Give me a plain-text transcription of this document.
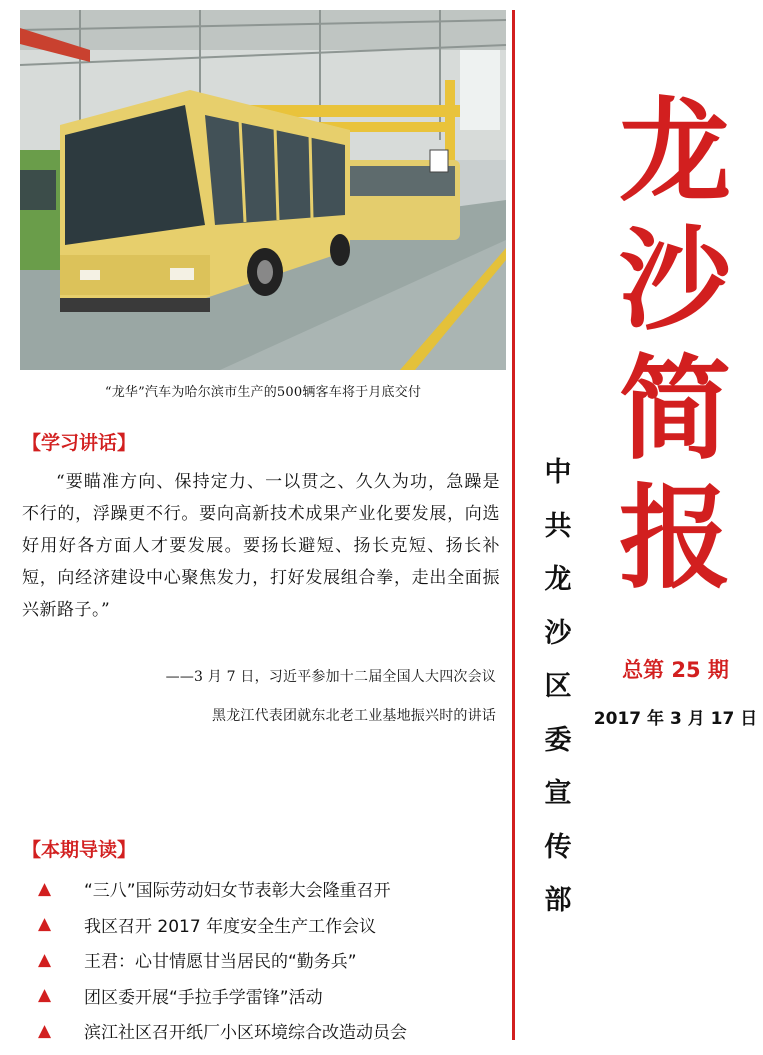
“龙华”汽车为哈尔滨市生产的500辆客车将于月底交付
【学习讲话】
“要瞄准方向、保持定力、一以贯之、久久为功，急躁是不行的，浮躁更不行。要向高新技术成果产业化要发展，向选好用好各方面人才要发展。要扬长避短、扬长克短、扬长补短，向经济建设中心聚焦发力，打好发展组合拳，走出全面振兴新路子。”
——3 月 7 日，习近平参加十二届全国人大四次会议
黑龙江代表团就东北老工业基地振兴时的讲话
【本期导读】
▲	“三八”国际劳动妇女节表彰大会隆重召开
▲	我区召开 2017 年度安全生产工作会议
▲	王君：心甘情愿甘当居民的“勤务兵”
▲	团区委开展“手拉手学雷锋”活动
▲	滨江社区召开纸厂小区环境综合改造动员会
龙
沙
简
报
中
共
龙
沙
区
委
宣
传
部
总第 25 期
2017 年 3 月 17 日
